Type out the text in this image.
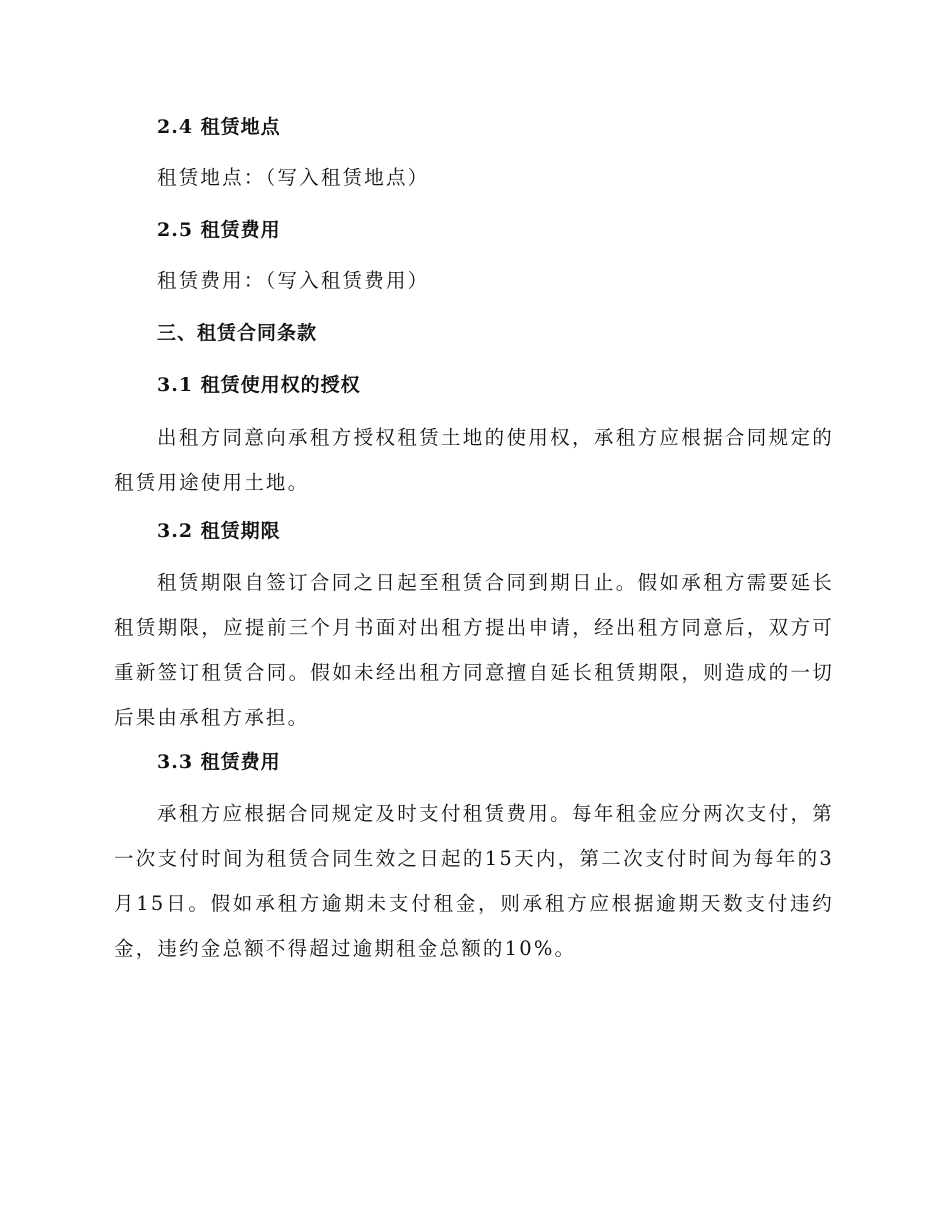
2.4 租赁地点

租赁地点：（写入租赁地点）

2.5 租赁费用

租赁费用：（写入租赁费用）

三、租赁合同条款
3.1 租赁使用权的授权

出租方同意向承租方授权租赁土地的使用权，承租方应根据合同规定的租赁用途使用土地。

3.2 租赁期限

租赁期限自签订合同之日起至租赁合同到期日止。假如承租方需要延长租赁期限，应提前三个月书面对出租方提出申请，经出租方同意后，双方可重新签订租赁合同。假如未经出租方同意擅自延长租赁期限，则造成的一切后果由承租方承担。

3.3 租赁费用

承租方应根据合同规定及时支付租赁费用。每年租金应分两次支付，第一次支付时间为租赁合同生效之日起的15天内，第二次支付时间为每年的3月15日。假如承租方逾期未支付租金，则承租方应根据逾期天数支付违约金，违约金总额不得超过逾期租金总额的10%。
